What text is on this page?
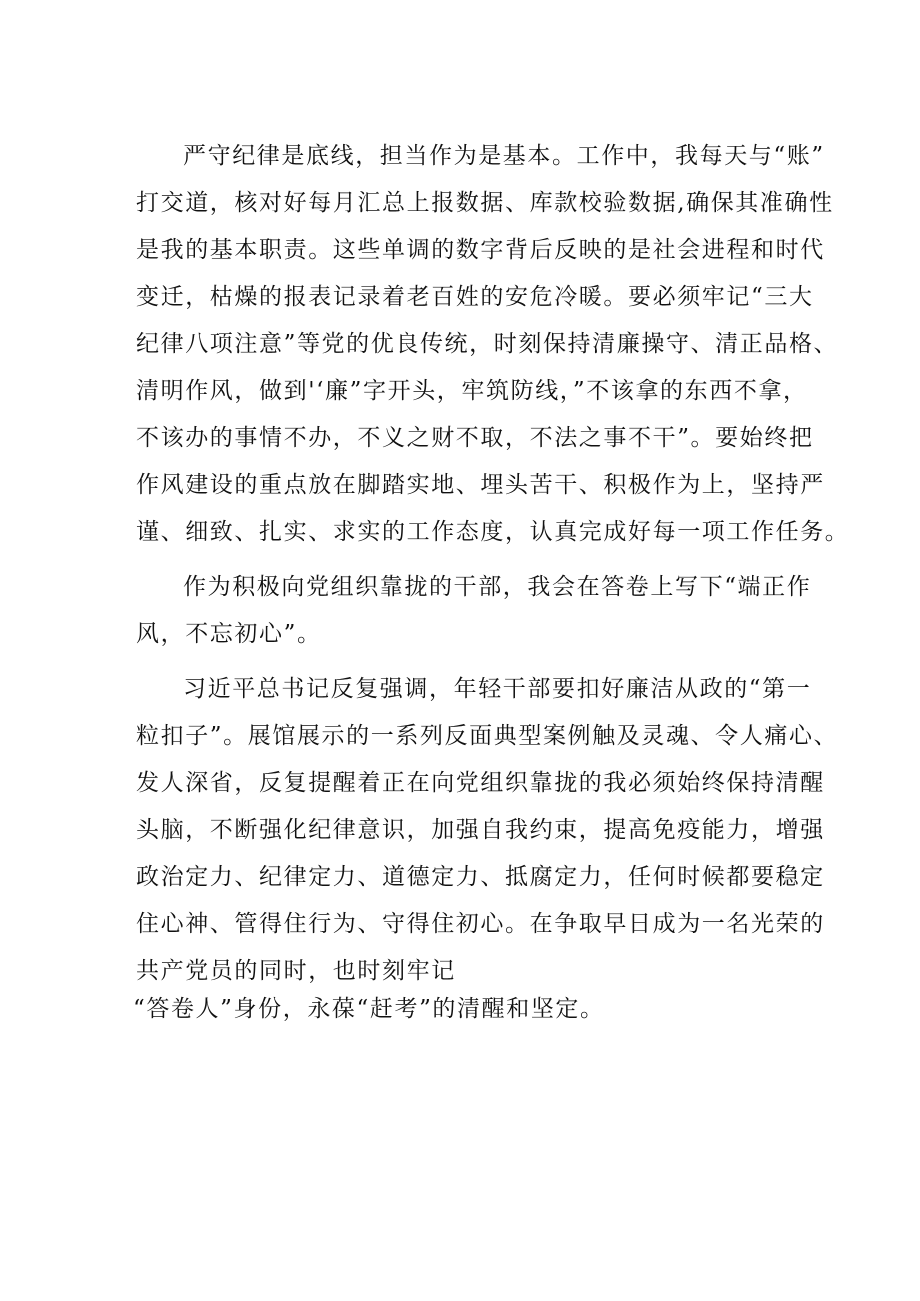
严守纪律是底线，担当作为是基本。工作中，我每天与“账”
打交道，核对好每月汇总上报数据、库款校验数据,确保其准确性
是我的基本职责。这些单调的数字背后反映的是社会进程和时代
变迁，枯燥的报表记录着老百姓的安危冷暖。要必须牢记“三大
纪律八项注意”等党的优良传统，时刻保持清廉操守、清正品格、
清明作风，做到'‘廉”字开头，牢筑防线，”不该拿的东西不拿，
不该办的事情不办，不义之财不取，不法之事不干”。要始终把
作风建设的重点放在脚踏实地、埋头苦干、积极作为上，坚持严
谨、细致、扎实、求实的工作态度，认真完成好每一项工作任务。
作为积极向党组织靠拢的干部，我会在答卷上写下“端正作
风，不忘初心”。
习近平总书记反复强调，年轻干部要扣好廉洁从政的“第一
粒扣子”。展馆展示的一系列反面典型案例触及灵魂、令人痛心、
发人深省，反复提醒着正在向党组织靠拢的我必须始终保持清醒
头脑，不断强化纪律意识，加强自我约束，提高免疫能力，增强
政治定力、纪律定力、道德定力、抵腐定力，任何时候都要稳定
住心神、管得住行为、守得住初心。在争取早日成为一名光荣的
共产党员的同时，也时刻牢记
“答卷人”身份，永葆“赶考”的清醒和坚定。
